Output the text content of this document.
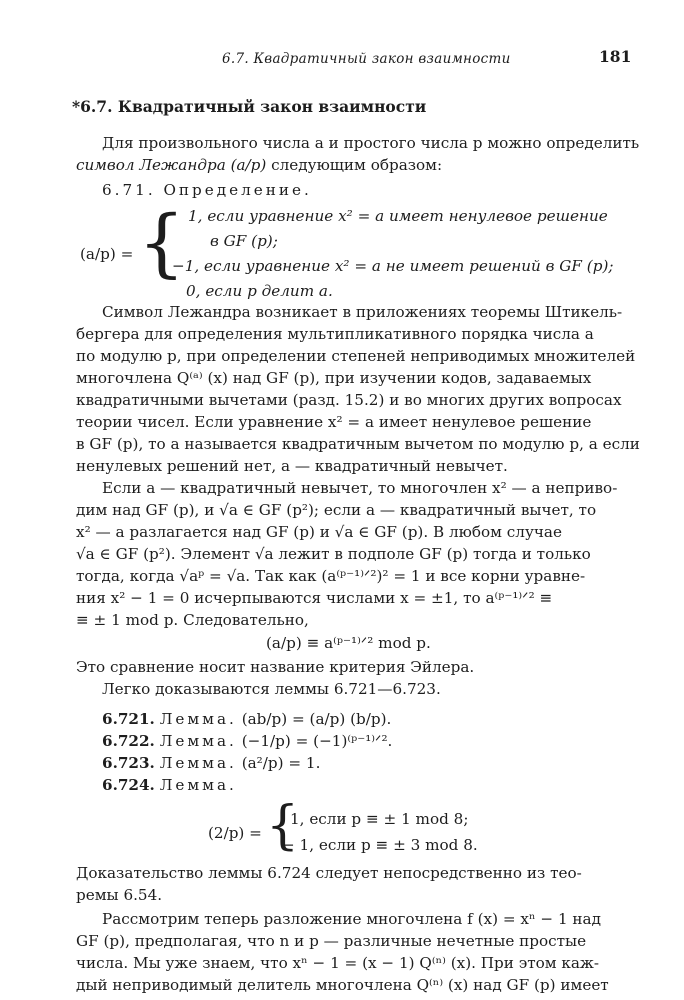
6.7. Квадратичный закон взаимности	181
*6.7. Квадратичный закон взаимности
Для произвольного числа a и простого числа p можно определить
символ Лежандра (a/p) следующим образом:
6.71. Определение.
(a/p) = { 1, если уравнение x² = a имеет ненулевое решение
в GF (p);
−1, если уравнение x² = a не имеет решений в GF (p);
0, если p делит a.
Символ Лежандра возникает в приложениях теоремы Штикель-
бергера для определения мультипликативного порядка числа a
по модулю p, при определении степеней неприводимых множителей
многочлена Q⁽ᵃ⁾ (x) над GF (p), при изучении кодов, задаваемых
квадратичными вычетами (разд. 15.2) и во многих других вопросах
теории чисел. Если уравнение x² = a имеет ненулевое решение
в GF (p), то a называется квадратичным вычетом по модулю p, а если
ненулевых решений нет, a — квадратичный невычет.
Если a — квадратичный невычет, то многочлен x² — a неприво-
дим над GF (p), и √a ∈ GF (p²); если a — квадратичный вычет, то
x² — a разлагается над GF (p) и √a ∈ GF (p). В любом случае
√a ∈ GF (p²). Элемент √a лежит в подполе GF (p) тогда и только
тогда, когда √aᵖ = √a. Так как (a⁽ᵖ⁻¹⁾ᐟ²)² = 1 и все корни уравне-
ния x² − 1 = 0 исчерпываются числами x = ±1, то a⁽ᵖ⁻¹⁾ᐟ² ≡
≡ ± 1 mod p. Следовательно,
(a/p) ≡ a⁽ᵖ⁻¹⁾ᐟ² mod p.
Это сравнение носит название критерия Эйлера.
Легко доказываются леммы 6.721—6.723.
6.721. Лемма. (ab/p) = (a/p) (b/p).
6.722. Лемма. (−1/p) = (−1)⁽ᵖ⁻¹⁾ᐟ².
6.723. Лемма. (a²/p) = 1.
6.724. Лемма.
(2/p) = {
1, если p ≡ ± 1 mod 8;
− 1, если p ≡ ± 3 mod 8.
Доказательство леммы 6.724 следует непосредственно из тео-
ремы 6.54.
Рассмотрим теперь разложение многочлена f (x) = xⁿ − 1 над
GF (p), предполагая, что n и p — различные нечетные простые
числа. Мы уже знаем, что xⁿ − 1 = (x − 1) Q⁽ⁿ⁾ (x). При этом каж-
дый неприводимый делитель многочлена Q⁽ⁿ⁾ (x) над GF (p) имеет
